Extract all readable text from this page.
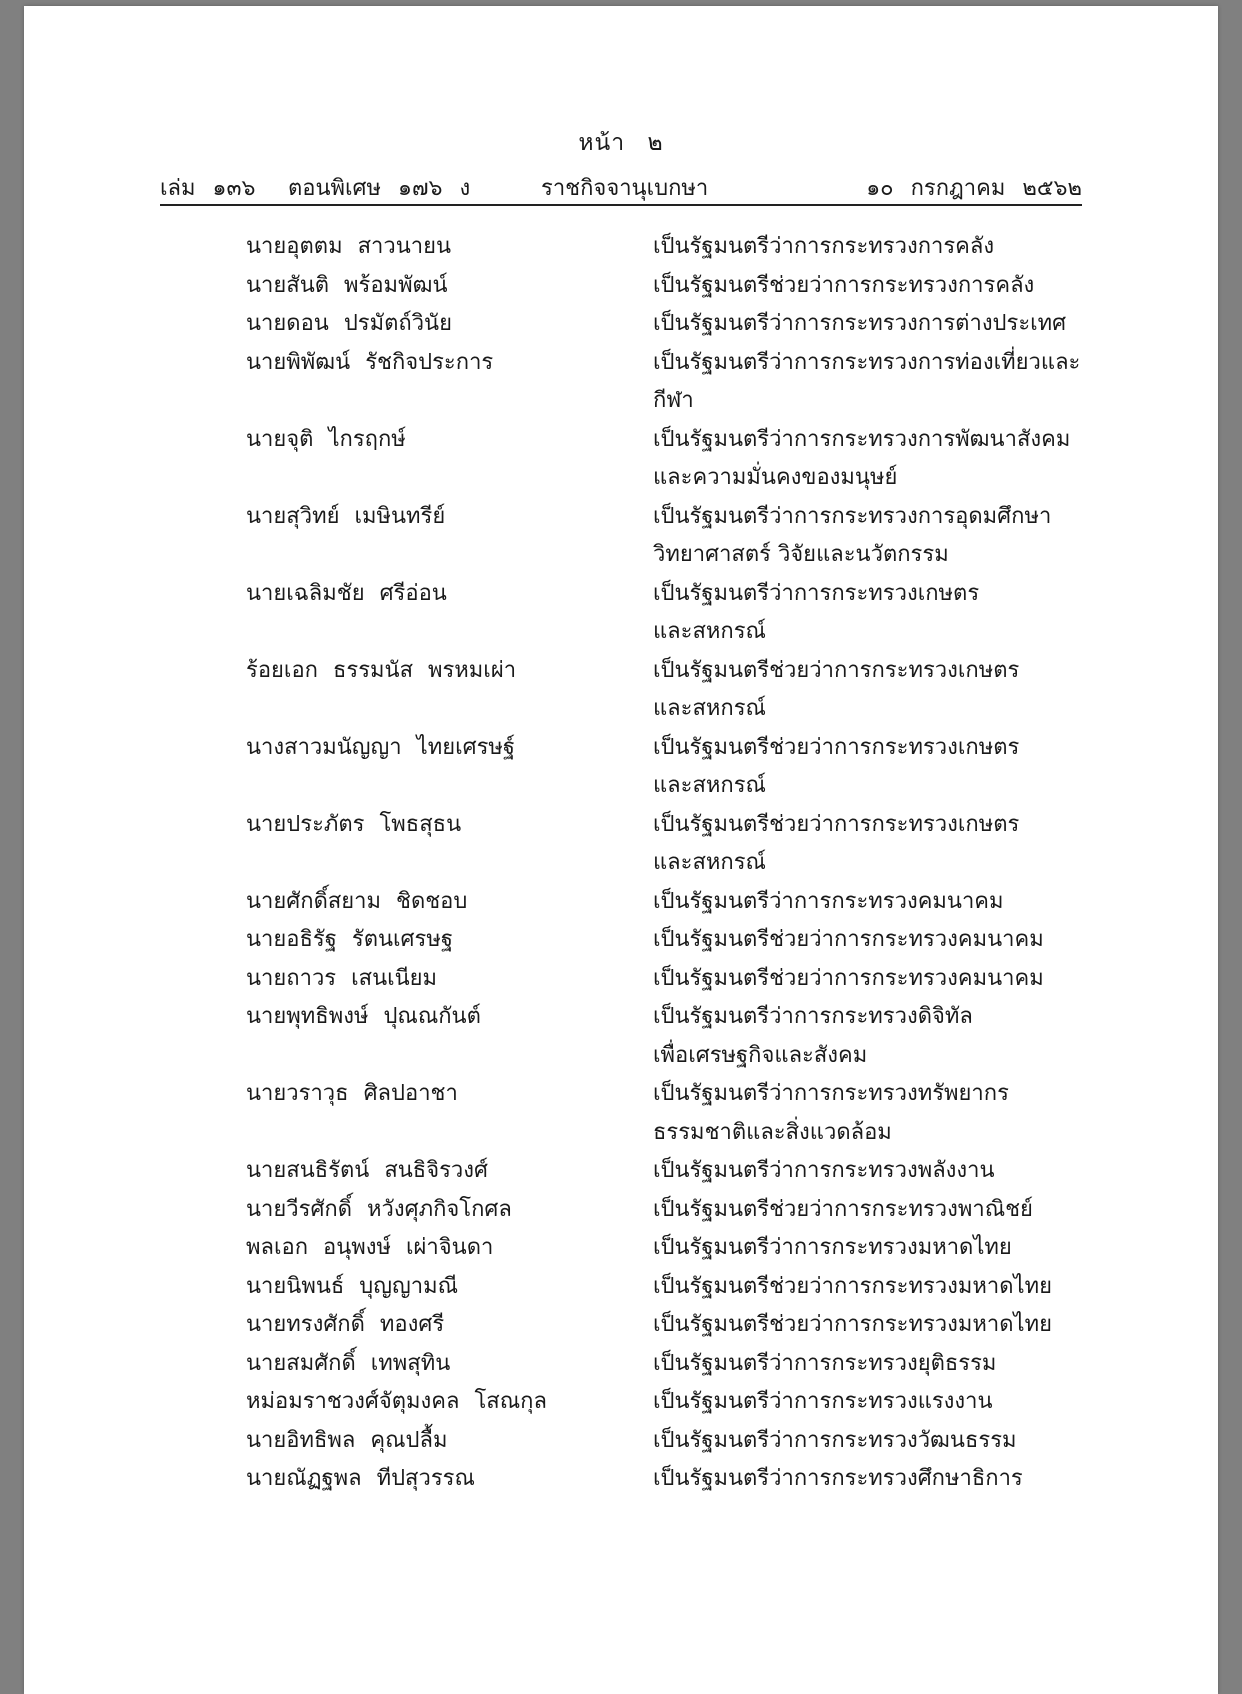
หน้า ๒
เล่ม ๑๓๖ ตอนพิเศษ ๑๗๖ ง	ราชกิจจานุเบกษา	๑๐ กรกฎาคม ๒๕๖๒
นายอุตตม สาวนายน	เป็นรัฐมนตรีว่าการกระทรวงการคลัง
นายสันติ พร้อมพัฒน์	เป็นรัฐมนตรีช่วยว่าการกระทรวงการคลัง
นายดอน ปรมัตถ์วินัย	เป็นรัฐมนตรีว่าการกระทรวงการต่างประเทศ
นายพิพัฒน์ รัชกิจประการ	เป็นรัฐมนตรีว่าการกระทรวงการท่องเที่ยวและกีฬา
นายจุติ ไกรฤกษ์	เป็นรัฐมนตรีว่าการกระทรวงการพัฒนาสังคม
และความมั่นคงของมนุษย์
นายสุวิทย์ เมษินทรีย์	เป็นรัฐมนตรีว่าการกระทรวงการอุดมศึกษา
วิทยาศาสตร์ วิจัยและนวัตกรรม
นายเฉลิมชัย ศรีอ่อน	เป็นรัฐมนตรีว่าการกระทรวงเกษตร
และสหกรณ์
ร้อยเอก ธรรมนัส พรหมเผ่า	เป็นรัฐมนตรีช่วยว่าการกระทรวงเกษตร
และสหกรณ์
นางสาวมนัญญา ไทยเศรษฐ์	เป็นรัฐมนตรีช่วยว่าการกระทรวงเกษตร
และสหกรณ์
นายประภัตร โพธสุธน	เป็นรัฐมนตรีช่วยว่าการกระทรวงเกษตร
และสหกรณ์
นายศักดิ์สยาม ชิดชอบ	เป็นรัฐมนตรีว่าการกระทรวงคมนาคม
นายอธิรัฐ รัตนเศรษฐ	เป็นรัฐมนตรีช่วยว่าการกระทรวงคมนาคม
นายถาวร เสนเนียม	เป็นรัฐมนตรีช่วยว่าการกระทรวงคมนาคม
นายพุทธิพงษ์ ปุณณกันต์	เป็นรัฐมนตรีว่าการกระทรวงดิจิทัล
เพื่อเศรษฐกิจและสังคม
นายวราวุธ ศิลปอาชา	เป็นรัฐมนตรีว่าการกระทรวงทรัพยากร
ธรรมชาติและสิ่งแวดล้อม
นายสนธิรัตน์ สนธิจิรวงศ์	เป็นรัฐมนตรีว่าการกระทรวงพลังงาน
นายวีรศักดิ์ หวังศุภกิจโกศล	เป็นรัฐมนตรีช่วยว่าการกระทรวงพาณิชย์
พลเอก อนุพงษ์ เผ่าจินดา	เป็นรัฐมนตรีว่าการกระทรวงมหาดไทย
นายนิพนธ์ บุญญามณี	เป็นรัฐมนตรีช่วยว่าการกระทรวงมหาดไทย
นายทรงศักดิ์ ทองศรี	เป็นรัฐมนตรีช่วยว่าการกระทรวงมหาดไทย
นายสมศักดิ์ เทพสุทิน	เป็นรัฐมนตรีว่าการกระทรวงยุติธรรม
หม่อมราชวงศ์จัตุมงคล โสณกุล	เป็นรัฐมนตรีว่าการกระทรวงแรงงาน
นายอิทธิพล คุณปลื้ม	เป็นรัฐมนตรีว่าการกระทรวงวัฒนธรรม
นายณัฏฐพล ทีปสุวรรณ	เป็นรัฐมนตรีว่าการกระทรวงศึกษาธิการ
